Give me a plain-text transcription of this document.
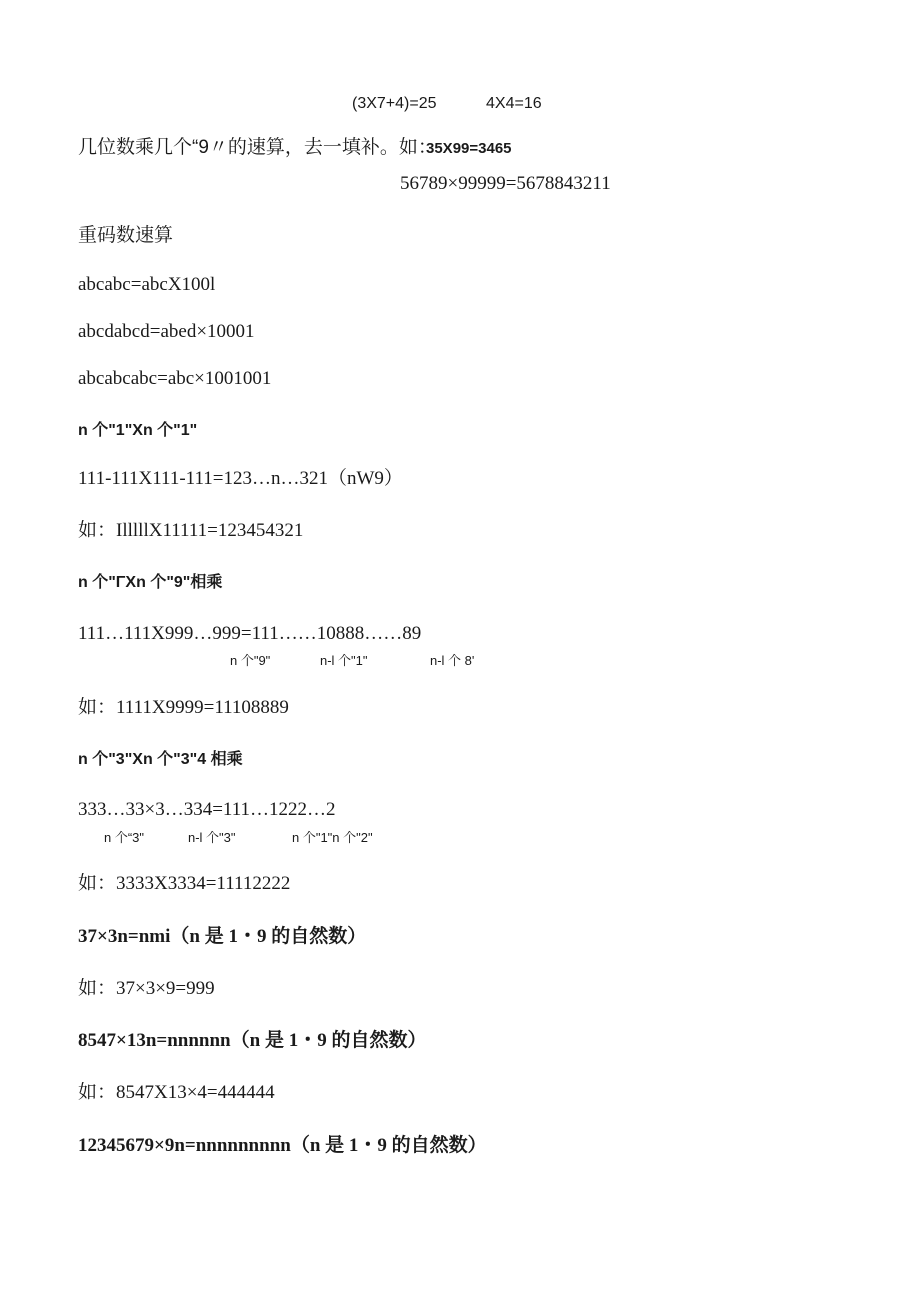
(3X7+4)=25	4X4=16
几位数乘几个“9〃的速算，去一填补。如：
35X99=3465
56789×99999=5678843211
重码数速算
abcabc=abcX100l
abcdabcd=abed×10001
abcabcabc=abc×1001001
n 个"1"Xn 个"1"
111-111X111-111=123…n…321（nW9）
如：IlllllX11111=123454321
n 个"ΓXn 个"9"相乘
111…111X999…999=111……10888……89
n 个"9"	n-l 个"1"	n-l 个 8'
如：1111X9999=11108889
n 个"3"Xn 个"3"4 相乘
333…33×3…334=111…1222…2
n 个“3"	n-l 个"3"	n 个"1"n 个"2"
如：3333X3334=11112222
37×3n=nmi（n 是 1・9 的自然数）
如：37×3×9=999
8547×13n=nnnnnn（n 是 1・9 的自然数）
如：8547X13×4=444444
12345679×9n=nnnnnnnnn（n 是 1・9 的自然数）
